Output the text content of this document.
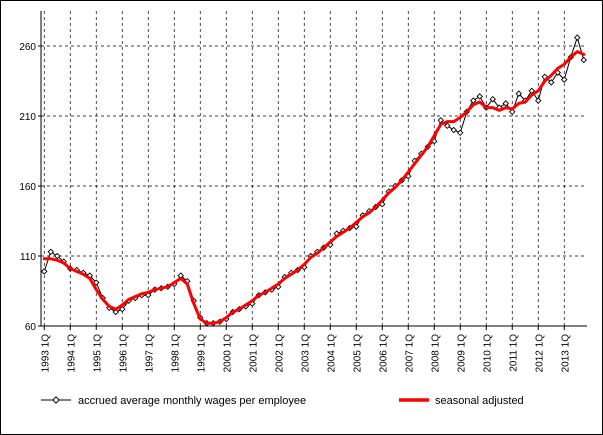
60
110
160
210
260
1993 1Q 1994 1Q 1995 1Q 1996 1Q 1997 1Q 1998 1Q 1999 1Q 2000 1Q 2001 1Q 2002 1Q 2003 1Q 2004 1Q 2005 1Q 2006 1Q 2007 1Q 2008 1Q 2009 1Q 2010 1Q 2011 1Q 2012 1Q 2013 1Q
accrued average monthly wages per employee	seasonal adjusted
